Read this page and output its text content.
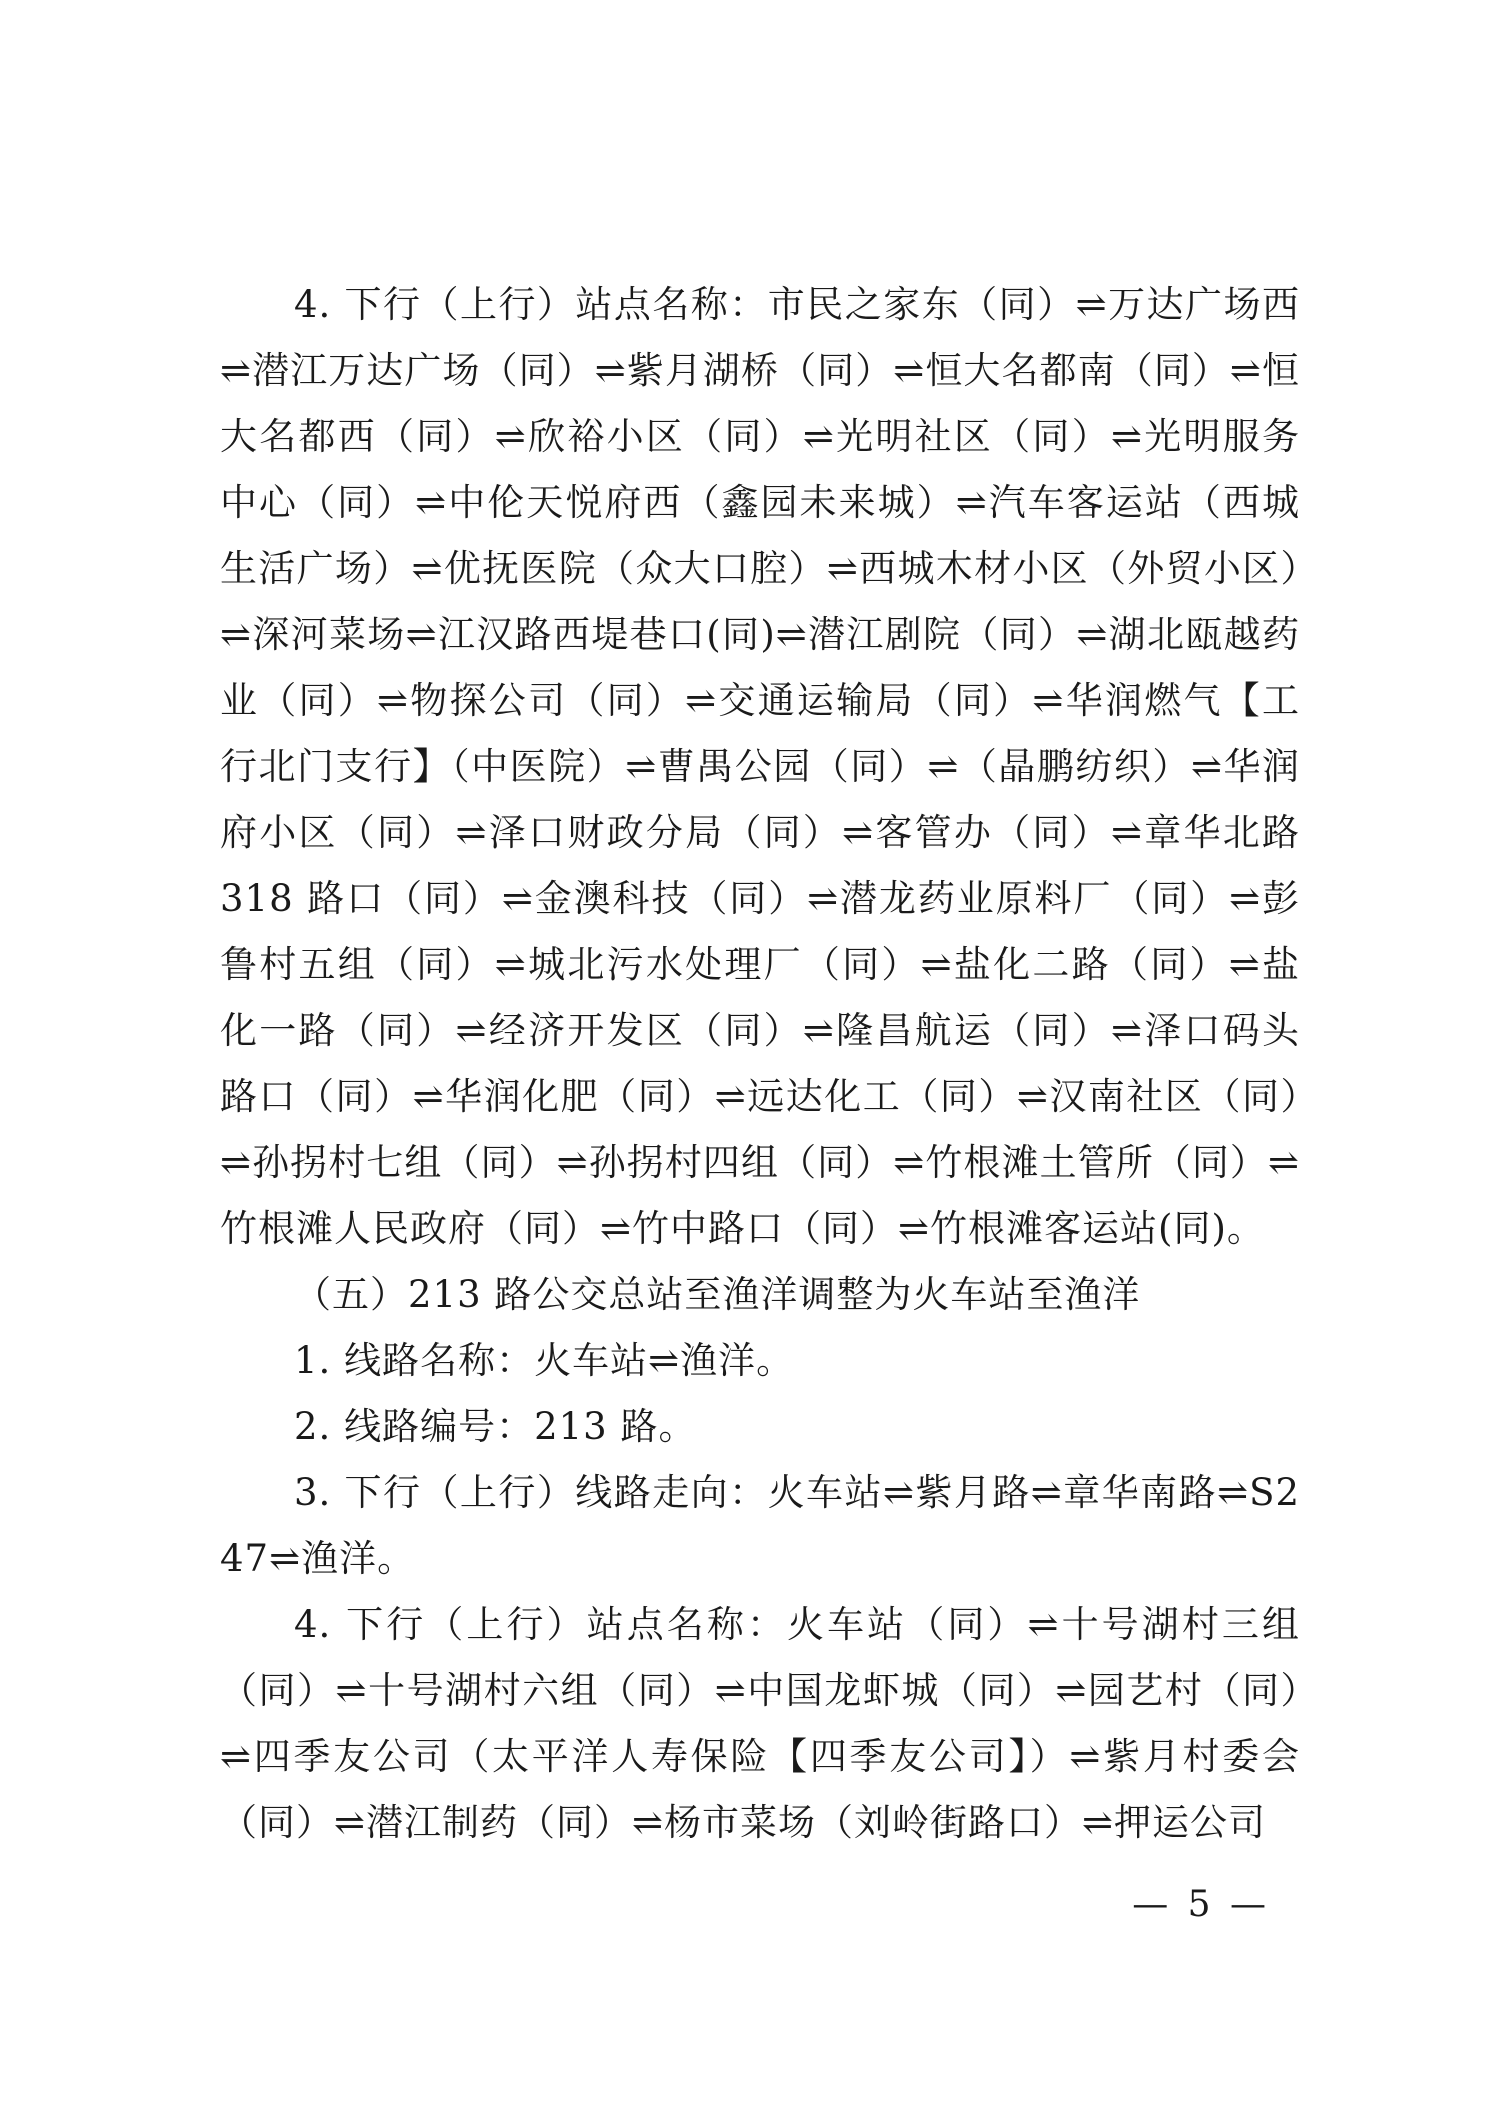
4. 下行（上行）站点名称：市民之家东（同）⇌万达广场西⇌潜江万达广场（同）⇌紫月湖桥（同）⇌恒大名都南（同）⇌恒大名都西（同）⇌欣裕小区（同）⇌光明社区（同）⇌光明服务中心（同）⇌中伦天悦府西（鑫园未来城）⇌汽车客运站（西城生活广场）⇌优抚医院（众大口腔）⇌西城木材小区（外贸小区）⇌深河菜场⇌江汉路西堤巷口(同)⇌潜江剧院（同）⇌湖北瓯越药业（同）⇌物探公司（同）⇌交通运输局（同）⇌华润燃气【工行北门支行】（中医院）⇌曹禺公园（同）⇌（晶鹏纺织）⇌华润府小区（同）⇌泽口财政分局（同）⇌客管办（同）⇌章华北路 318 路口（同）⇌金澳科技（同）⇌潜龙药业原料厂（同）⇌彭鲁村五组（同）⇌城北污水处理厂（同）⇌盐化二路（同）⇌盐化一路（同）⇌经济开发区（同）⇌隆昌航运（同）⇌泽口码头路口（同）⇌华润化肥（同）⇌远达化工（同）⇌汉南社区（同）⇌孙拐村七组（同）⇌孙拐村四组（同）⇌竹根滩土管所（同）⇌竹根滩人民政府（同）⇌竹中路口（同）⇌竹根滩客运站(同)。

（五）213 路公交总站至渔洋调整为火车站至渔洋

1. 线路名称：火车站⇌渔洋。

2. 线路编号：213 路。

3. 下行（上行）线路走向：火车站⇌紫月路⇌章华南路⇌S247⇌渔洋。

4. 下行（上行）站点名称：火车站（同）⇌十号湖村三组（同）⇌十号湖村六组（同）⇌中国龙虾城（同）⇌园艺村（同）⇌四季友公司（太平洋人寿保险【四季友公司】）⇌紫月村委会（同）⇌潜江制药（同）⇌杨市菜场（刘岭街路口）⇌押运公司

— 5 —
